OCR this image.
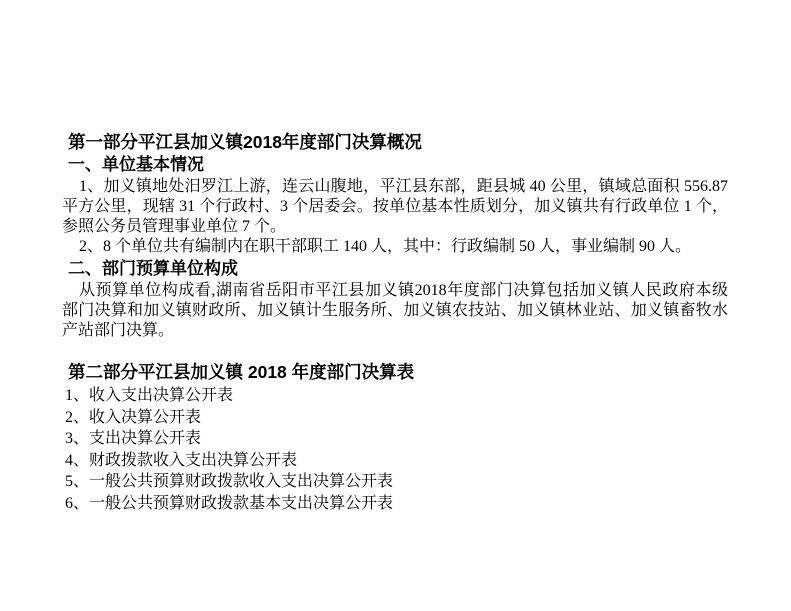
第一部分平江县加义镇2018年度部门决算概况
一、单位基本情况

1、加义镇地处汨罗江上游，连云山腹地，平江县东部，距县城 40 公里，镇域总面积 556.87

平方公里，现辖 31 个行政村、3 个居委会。按单位基本性质划分，加义镇共有行政单位 1 个，

参照公务员管理事业单位 7 个。

2、8 个单位共有编制内在职干部职工 140 人，其中：行政编制 50 人，事业编制 90 人。

二、部门预算单位构成

从预算单位构成看,湖南省岳阳市平江县加义镇2018年度部门决算包括加义镇人民政府本级

部门决算和加义镇财政所、加义镇计生服务所、加义镇农技站、加义镇林业站、加义镇畜牧水

产站部门决算。

第二部分平江县加义镇 2018 年度部门决算表

1、收入支出决算公开表

2、收入决算公开表

3、支出决算公开表

4、财政拨款收入支出决算公开表

5、一般公共预算财政拨款收入支出决算公开表

6、一般公共预算财政拨款基本支出决算公开表
